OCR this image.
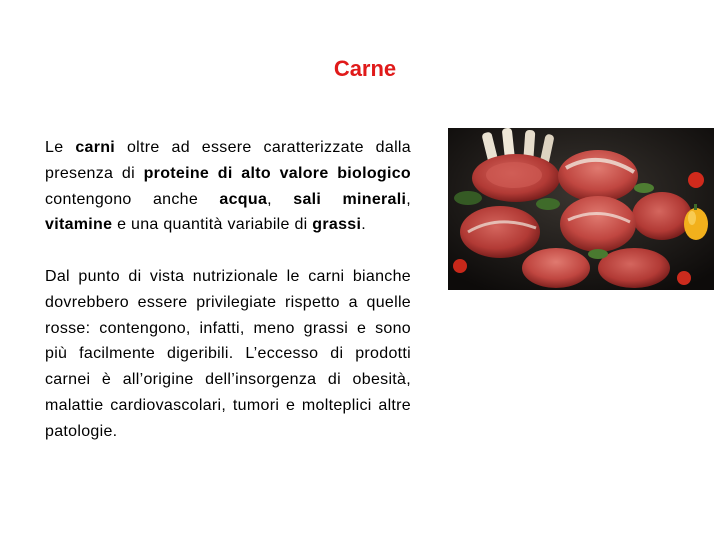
Carne

Le carni oltre ad essere caratterizzate dalla presenza di proteine di alto valore biologico contengono anche acqua, sali minerali, vitamine e una quantità variabile di grassi.

Dal punto di vista nutrizionale le carni bianche dovrebbero essere privilegiate rispetto a quelle rosse: contengono, infatti, meno grassi e sono più facilmente digeribili. L’eccesso di prodotti carnei è all’origine dell’insorgenza di obesità, malattie cardiovascolari, tumori e molteplici altre patologie.
